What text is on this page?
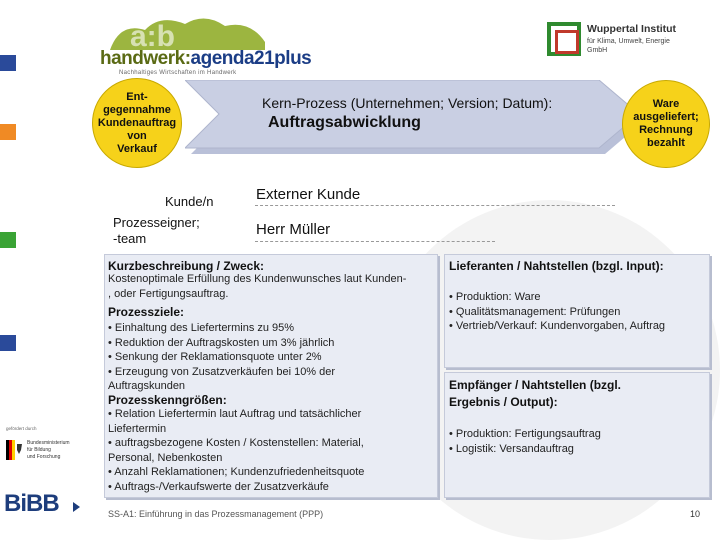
a:b
handwerk:agenda21plus
Nachhaltiges Wirtschaften im Handwerk
Wuppertal Institut
für Klima, Umwelt, Energie
GmbH
Kern-Prozess (Unternehmen; Version; Datum):
Auftragsabwicklung
Ent-
gegennahme
Kundenauftrag
von
Verkauf
Ware
ausgeliefert;
Rechnung
bezahlt
Kunde/n	Externer Kunde
Prozesseigner;
-team
Herr Müller
Kurzbeschreibung / Zweck:
Kostenoptimale Erfüllung des Kundenwunsches laut Kunden-
, oder Fertigungsauftrag.
Prozessziele:
• Einhaltung des Liefertermins zu 95%
• Reduktion der Auftragskosten um 3% jährlich
• Senkung der Reklamationsquote unter 2%
• Erzeugung von Zusatzverkäufen bei 10% der
Auftragskunden
Prozesskenngrößen:
• Relation Liefertermin laut Auftrag und tatsächlicher
Liefertermin
• auftragsbezogene Kosten / Kostenstellen: Material,
Personal, Nebenkosten
• Anzahl Reklamationen; Kundenzufriedenheitsquote
• Auftrags-/Verkaufswerte der Zusatzverkäufe
Lieferanten / Nahtstellen (bzgl. Input):
• Produktion: Ware
• Qualitätsmanagement: Prüfungen
• Vertrieb/Verkauf: Kundenvorgaben, Auftrag
Empfänger / Nahtstellen (bzgl.
Ergebnis / Output):
• Produktion: Fertigungsauftrag
• Logistik: Versandauftrag
SS-A1: Einführung in das Prozessmanagement (PPP)	10
gefördert durch
Bundesministerium
für Bildung
und Forschung
BiBB
